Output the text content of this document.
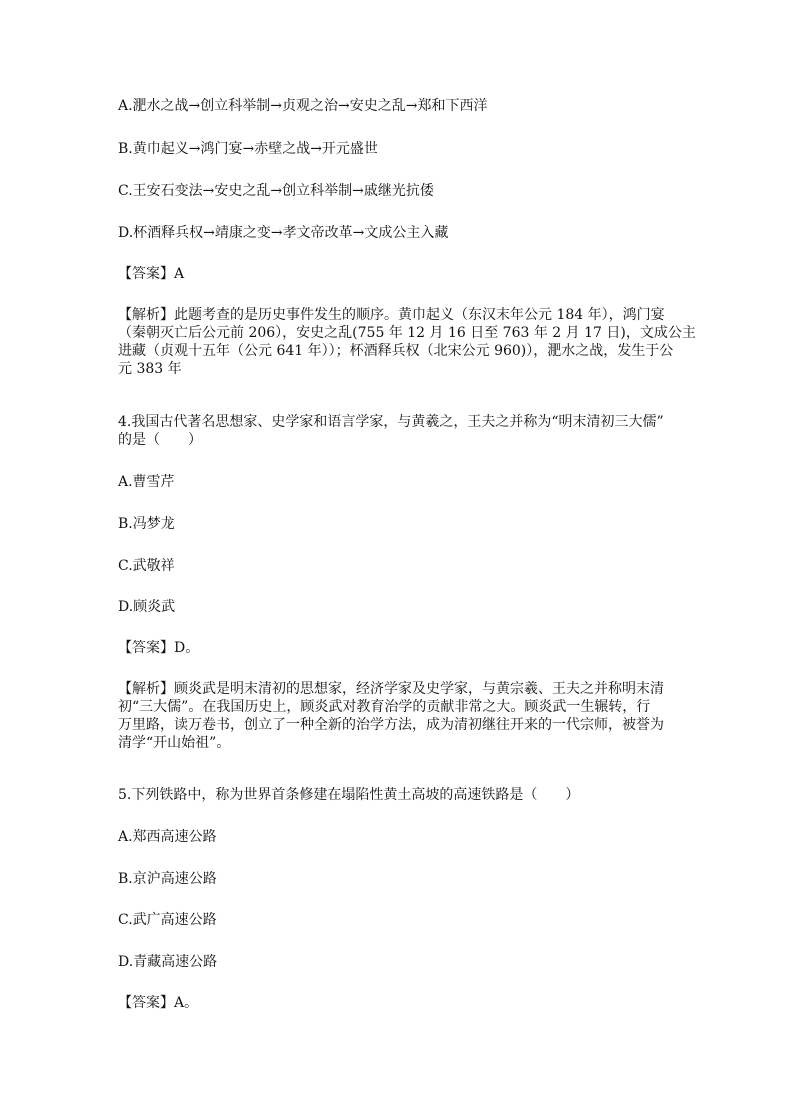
A.淝水之战→创立科举制→贞观之治→安史之乱→郑和下西洋
B.黄巾起义→鸿门宴→赤壁之战→开元盛世
C.王安石变法→安史之乱→创立科举制→戚继光抗倭
D.杯酒释兵权→靖康之变→孝文帝改革→文成公主入藏
【答案】A
【解析】此题考查的是历史事件发生的顺序。黄巾起义（东汉末年公元 184 年），鸿门宴
（秦朝灭亡后公元前 206），安史之乱(755 年 12 月 16 日至 763 年 2 月 17 日)，文成公主
进藏（贞观十五年（公元 641 年））；杯酒释兵权（北宋公元 960)），淝水之战，发生于公
元 383 年
4.我国古代著名思想家、史学家和语言学家，与黄羲之，王夫之并称为“明末清初三大儒”
的是（　　）
A.曹雪芹
B.冯梦龙
C.武敬祥
D.顾炎武
【答案】D。
【解析】顾炎武是明末清初的思想家，经济学家及史学家，与黄宗羲、王夫之并称明末清
初“三大儒”。在我国历史上，顾炎武对教育治学的贡献非常之大。顾炎武一生辗转，行
万里路，读万卷书，创立了一种全新的治学方法，成为清初继往开来的一代宗师，被誉为
清学“开山始祖”。
5.下列铁路中，称为世界首条修建在塌陷性黄土高坡的高速铁路是（　　）
A.郑西高速公路
B.京沪高速公路
C.武广高速公路
D.青藏高速公路
【答案】A。
